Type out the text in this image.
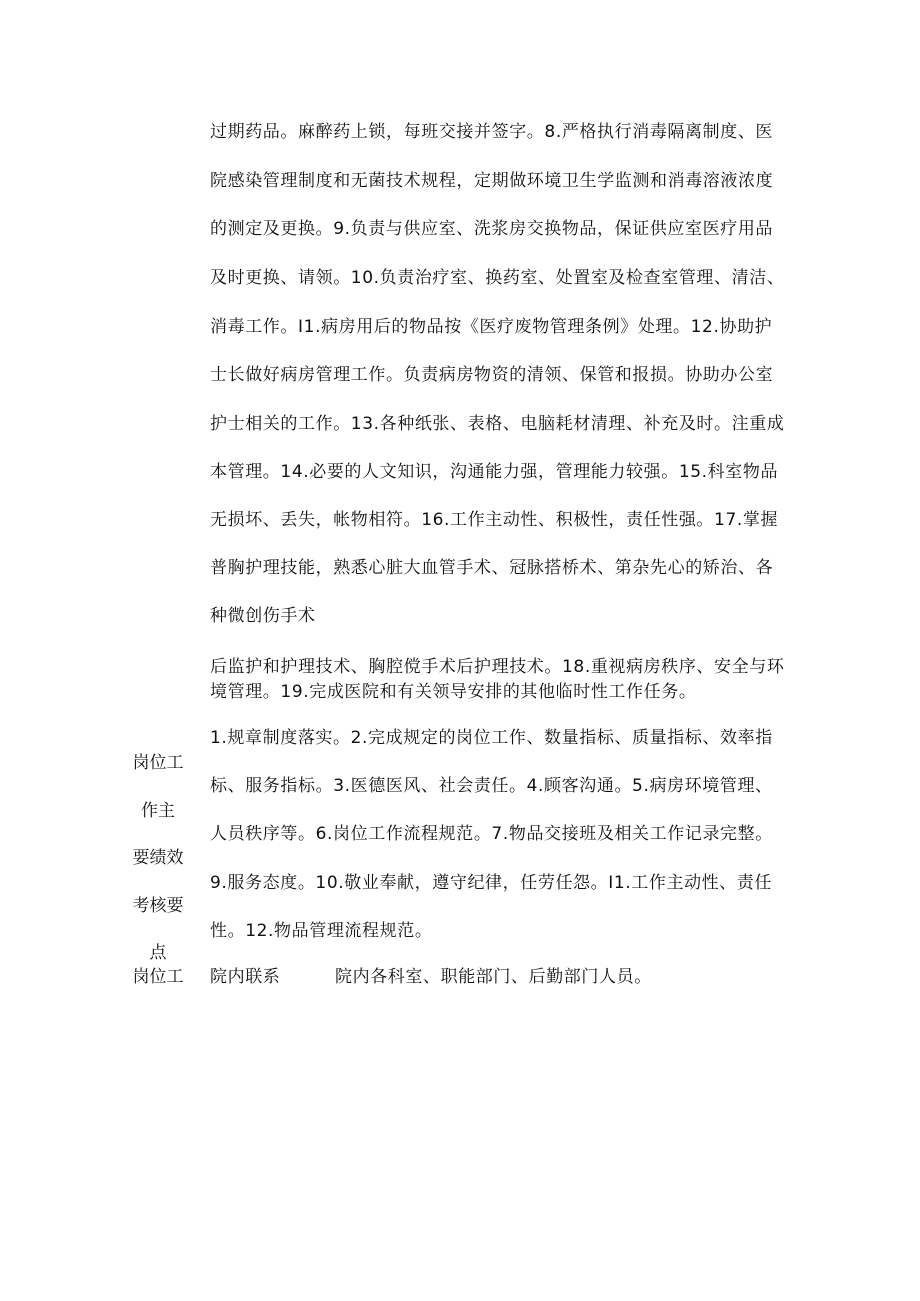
过期药品。麻醉药上锁，每班交接并签字。8.严格执行消毒隔离制度、医
院感染管理制度和无菌技术规程，定期做环境卫生学监测和消毒溶液浓度
的测定及更换。9.负责与供应室、洗浆房交换物品，保证供应室医疗用品
及时更换、请领。10.负责治疗室、换药室、处置室及检查室管理、清洁、
消毒工作。I1.病房用后的物品按《医疗废物管理条例》处理。12.协助护
士长做好病房管理工作。负责病房物资的清领、保管和报损。协助办公室
护士相关的工作。13.各种纸张、表格、电脑耗材清理、补充及时。注重成
本管理。14.必要的人文知识，沟通能力强，管理能力较强。15.科室物品
无损坏、丢失，帐物相符。16.工作主动性、积极性，责任性强。17.掌握
普胸护理技能，熟悉心脏大血管手术、冠脉搭桥术、第杂先心的矫治、各
种微创伤手术
后监护和护理技术、胸腔傥手术后护理技术。18.重视病房秩序、安全与环
境管理。19.完成医院和有关领导安排的其他临时性工作任务。
岗位工
作主
要绩效
考核要
点
1.规章制度落实。2.完成规定的岗位工作、数量指标、质量指标、效率指
标、服务指标。3.医德医风、社会责任。4.顾客沟通。5.病房环境管理、
人员秩序等。6.岗位工作流程规范。7.物品交接班及相关工作记录完整。
9.服务态度。10.敬业奉献，遵守纪律，任劳任怨。I1.工作主动性、责任
性。12.物品管理流程规范。
岗位工	院内联系	院内各科室、职能部门、后勤部门人员。
